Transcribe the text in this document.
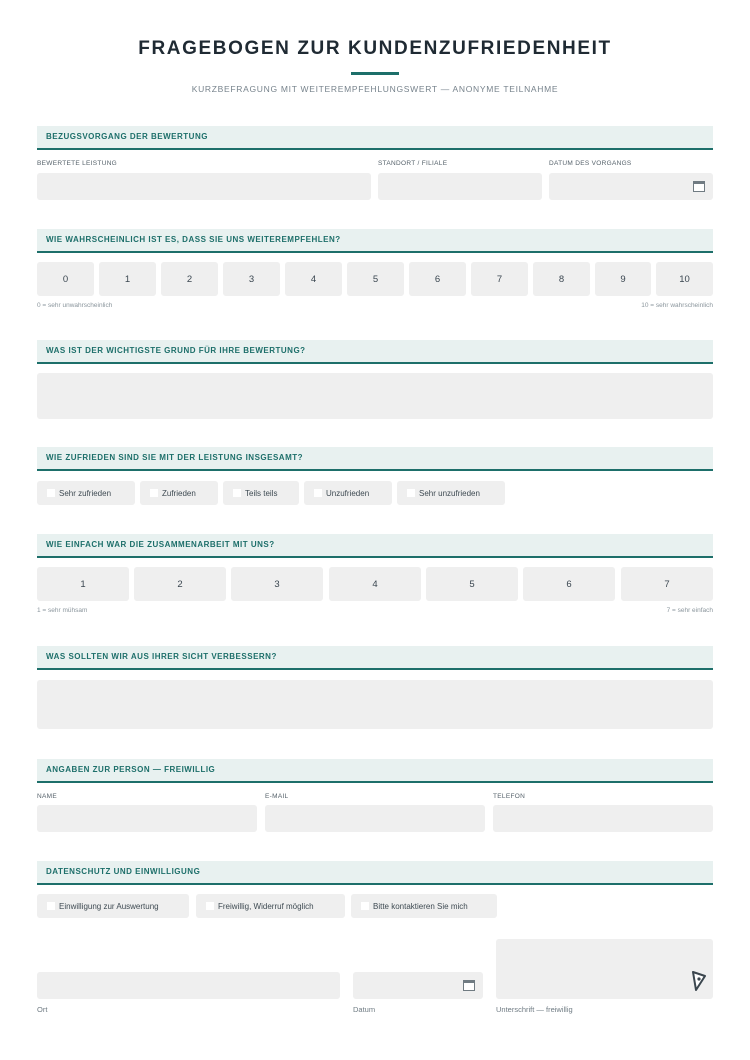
FRAGEBOGEN ZUR KUNDENZUFRIEDENHEIT
KURZBEFRAGUNG MIT WEITEREMPFEHLUNGSWERT — ANONYME TEILNAHME
BEZUGSVORGANG DER BEWERTUNG
BEWERTETE LEISTUNG	STANDORT / FILIALE	DATUM DES VORGANGS
WIE WAHRSCHEINLICH IST ES, DASS SIE UNS WEITEREMPFEHLEN?
0	1	2	3	4	5	6	7	8	9	10
0 = sehr unwahrscheinlich	10 = sehr wahrscheinlich
WAS IST DER WICHTIGSTE GRUND FÜR IHRE BEWERTUNG?
WIE ZUFRIEDEN SIND SIE MIT DER LEISTUNG INSGESAMT?
Sehr zufrieden	Zufrieden	Teils teils	Unzufrieden	Sehr unzufrieden
WIE EINFACH WAR DIE ZUSAMMENARBEIT MIT UNS?
1	2	3	4	5	6	7
1 = sehr mühsam	7 = sehr einfach
WAS SOLLTEN WIR AUS IHRER SICHT VERBESSERN?
ANGABEN ZUR PERSON — FREIWILLIG
NAME	E-MAIL	TELEFON
DATENSCHUTZ UND EINWILLIGUNG
Einwilligung zur Auswertung	Freiwillig, Widerruf möglich	Bitte kontaktieren Sie mich
Ort	Datum	Unterschrift — freiwillig
